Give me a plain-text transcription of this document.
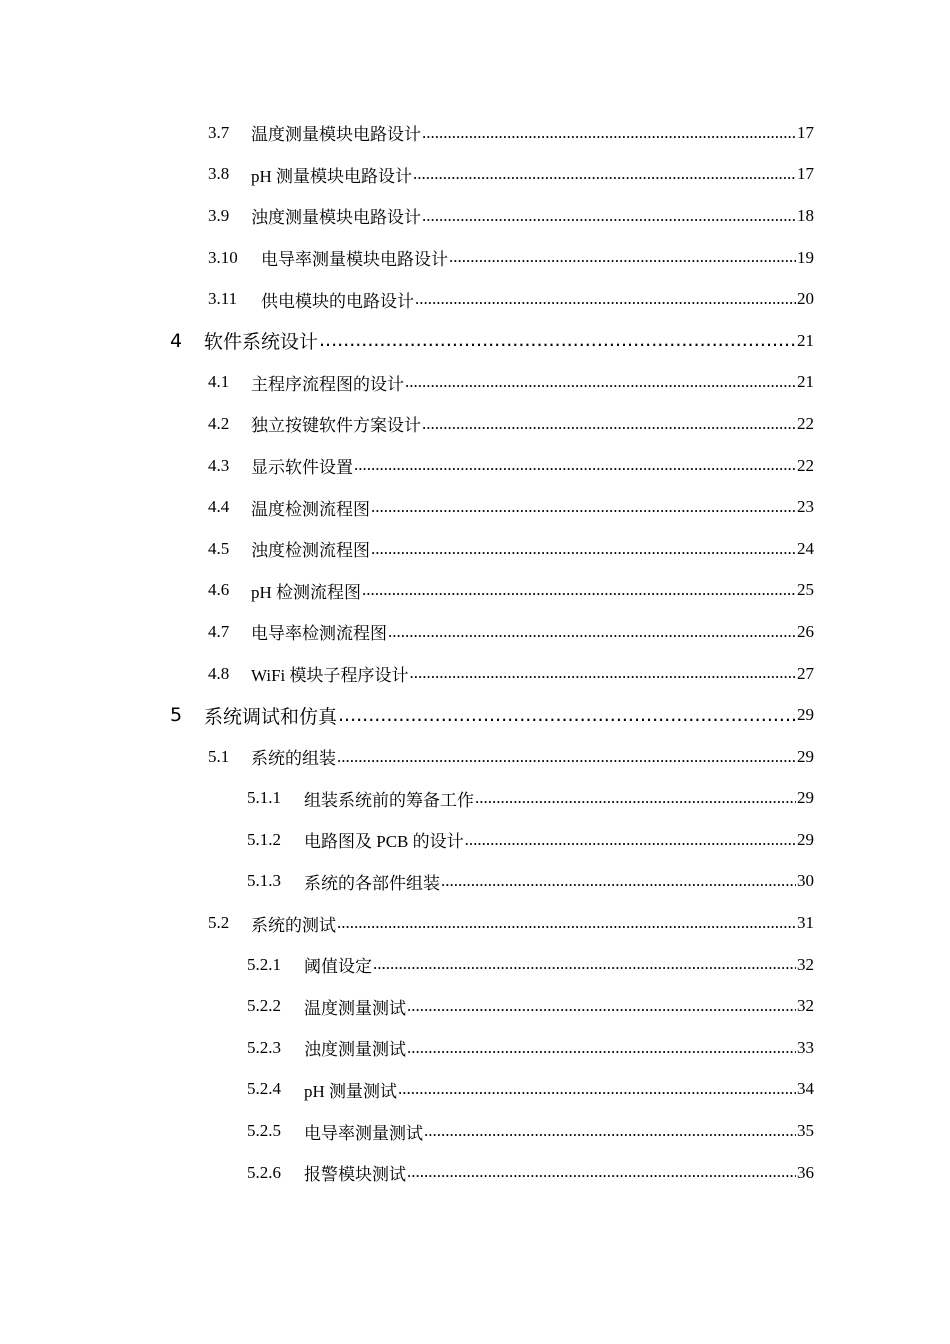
3.7	温度测量模块电路设计 .....	17
3.8	pH 测量模块电路设计 .....	17
3.9	浊度测量模块电路设计 .....	18
3.10	电导率测量模块电路设计 .....	19
3.11	供电模块的电路设计 .....	20
4	软件系统设计 .....	21
4.1	主程序流程图的设计 .....	21
4.2	独立按键软件方案设计 .....	22
4.3	显示软件设置 .....	22
4.4	温度检测流程图 .....	23
4.5	浊度检测流程图 .....	24
4.6	pH 检测流程图 .....	25
4.7	电导率检测流程图 .....	26
4.8	WiFi 模块子程序设计 .....	27
5	系统调试和仿真 .....	29
5.1	系统的组装 .....	29
5.1.1	组装系统前的筹备工作 .....	29
5.1.2	电路图及 PCB 的设计 .....	29
5.1.3	系统的各部件组装 .....	30
5.2	系统的测试 .....	31
5.2.1	阈值设定 .....	32
5.2.2	温度测量测试 .....	32
5.2.3	浊度测量测试 .....	33
5.2.4	pH 测量测试 .....	34
5.2.5	电导率测量测试 .....	35
5.2.6	报警模块测试 .....	36
